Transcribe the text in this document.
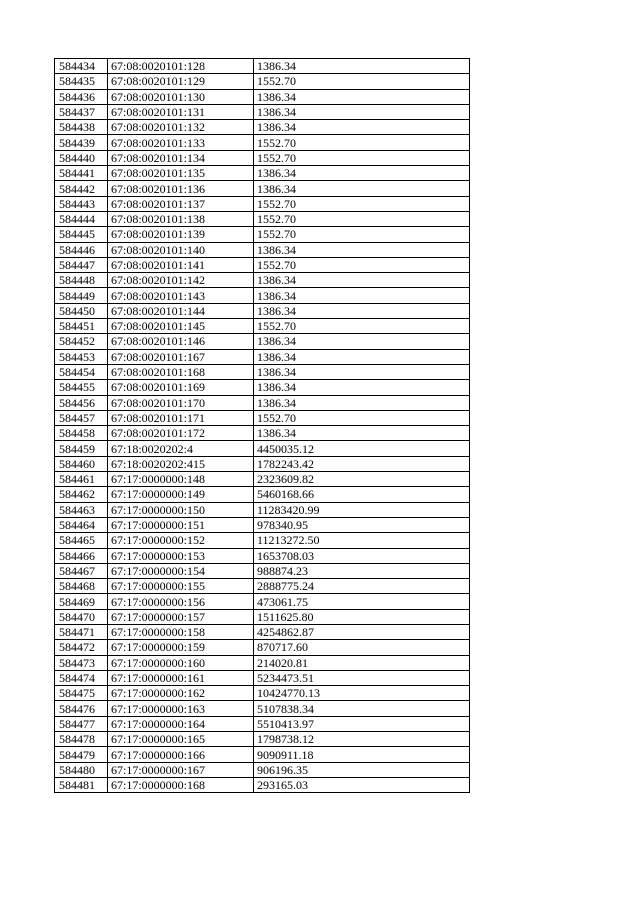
584434	67:08:0020101:128	1386.34
584435	67:08:0020101:129	1552.70
584436	67:08:0020101:130	1386.34
584437	67:08:0020101:131	1386.34
584438	67:08:0020101:132	1386.34
584439	67:08:0020101:133	1552.70
584440	67:08:0020101:134	1552.70
584441	67:08:0020101:135	1386.34
584442	67:08:0020101:136	1386.34
584443	67:08:0020101:137	1552.70
584444	67:08:0020101:138	1552.70
584445	67:08:0020101:139	1552.70
584446	67:08:0020101:140	1386.34
584447	67:08:0020101:141	1552.70
584448	67:08:0020101:142	1386.34
584449	67:08:0020101:143	1386.34
584450	67:08:0020101:144	1386.34
584451	67:08:0020101:145	1552.70
584452	67:08:0020101:146	1386.34
584453	67:08:0020101:167	1386.34
584454	67:08:0020101:168	1386.34
584455	67:08:0020101:169	1386.34
584456	67:08:0020101:170	1386.34
584457	67:08:0020101:171	1552.70
584458	67:08:0020101:172	1386.34
584459	67:18:0020202:4	4450035.12
584460	67:18:0020202:415	1782243.42
584461	67:17:0000000:148	2323609.82
584462	67:17:0000000:149	5460168.66
584463	67:17:0000000:150	11283420.99
584464	67:17:0000000:151	978340.95
584465	67:17:0000000:152	11213272.50
584466	67:17:0000000:153	1653708.03
584467	67:17:0000000:154	988874.23
584468	67:17:0000000:155	2888775.24
584469	67:17:0000000:156	473061.75
584470	67:17:0000000:157	1511625.80
584471	67:17:0000000:158	4254862.87
584472	67:17:0000000:159	870717.60
584473	67:17:0000000:160	214020.81
584474	67:17:0000000:161	5234473.51
584475	67:17:0000000:162	10424770.13
584476	67:17:0000000:163	5107838.34
584477	67:17:0000000:164	5510413.97
584478	67:17:0000000:165	1798738.12
584479	67:17:0000000:166	9090911.18
584480	67:17:0000000:167	906196.35
584481	67:17:0000000:168	293165.03
